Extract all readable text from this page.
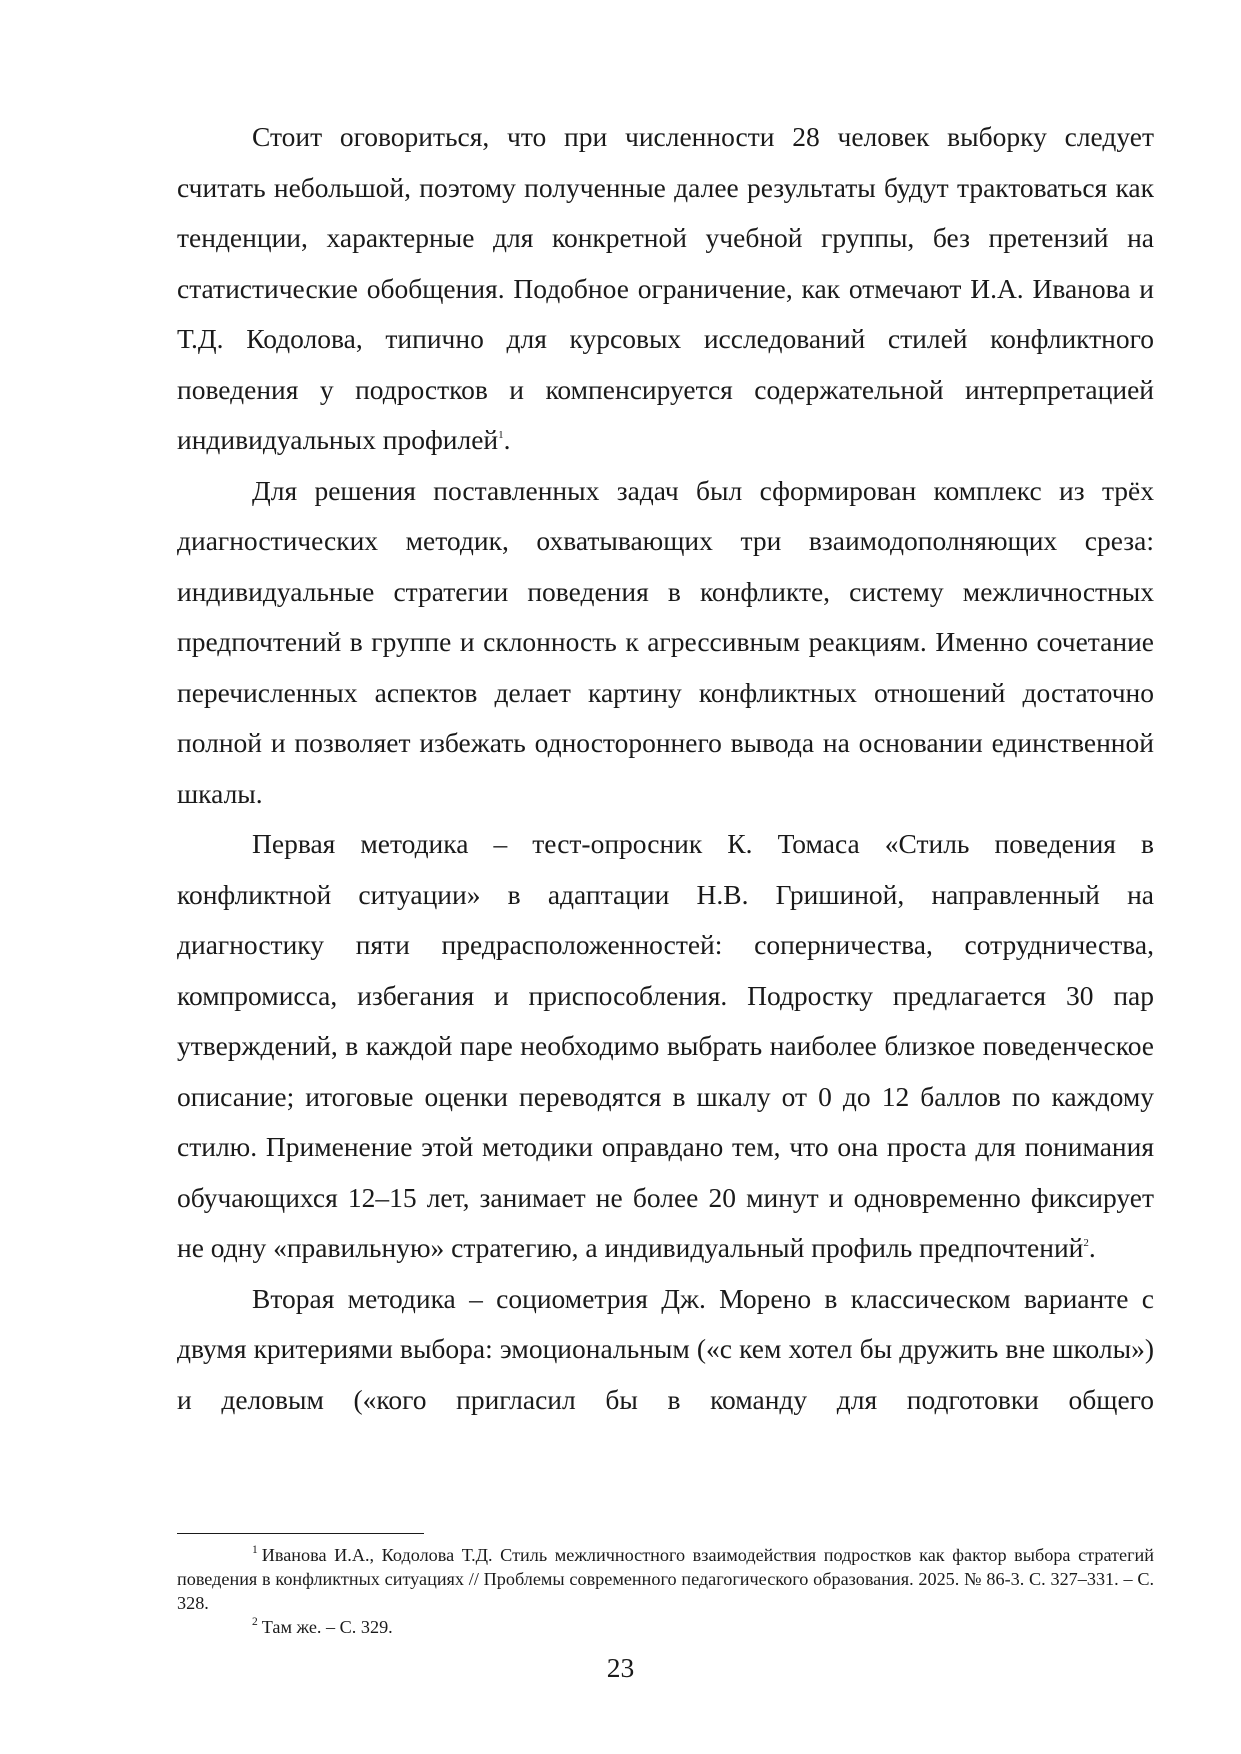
Стоит оговориться, что при численности 28 человек выборку следует считать небольшой, поэтому полученные далее результаты будут трактоваться как тенденции, характерные для конкретной учебной группы, без претензий на статистические обобщения. Подобное ограничение, как отмечают И.А. Иванова и Т.Д. Кодолова, типично для курсовых исследований стилей конфликтного поведения у подростков и компенсируется содержательной интерпретацией индивидуальных профилей$^1$.

Для решения поставленных задач был сформирован комплекс из трёх диагностических методик, охватывающих три взаимодополняющих среза: индивидуальные стратегии поведения в конфликте, систему межличностных предпочтений в группе и склонность к агрессивным реакциям. Именно сочетание перечисленных аспектов делает картину конфликтных отношений достаточно полной и позволяет избежать одностороннего вывода на основании единственной шкалы.

Первая методика – тест-опросник К. Томаса «Стиль поведения в конфликтной ситуации» в адаптации Н.В. Гришиной, направленный на диагностику пяти предрасположенностей: соперничества, сотрудничества, компромисса, избегания и приспособления. Подростку предлагается 30 пар утверждений, в каждой паре необходимо выбрать наиболее близкое поведенческое описание; итоговые оценки переводятся в шкалу от 0 до 12 баллов по каждому стилю. Применение этой методики оправдано тем, что она проста для понимания обучающихся 12–15 лет, занимает не более 20 минут и одновременно фиксирует не одну «правильную» стратегию, а индивидуальный профиль предпочтений$^2$.

Вторая методика – социометрия Дж. Морено в классическом варианте с двумя критериями выбора: эмоциональным («с кем хотел бы дружить вне школы») и деловым («кого пригласил бы в команду для подготовки общего

$^1$ Иванова И.А., Кодолова Т.Д. Стиль межличностного взаимодействия подростков как фактор выбора стратегий поведения в конфликтных ситуациях // Проблемы современного педагогического образования. 2025. № 86-3. С. 327–331. – С. 328.

$^2$ Там же. – С. 329.

23
